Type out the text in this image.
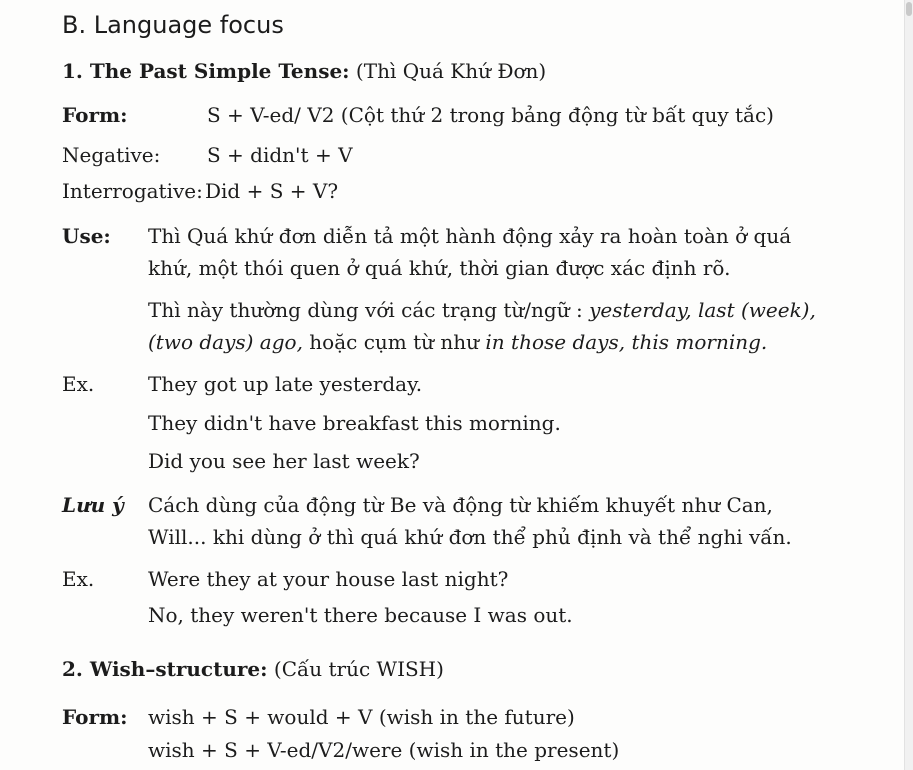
B. Language focus
1. The Past Simple Tense: (Thì Quá Khứ Đơn)
Form:	S + V-ed/ V2 (Cột thứ 2 trong bảng động từ bất quy tắc)
Negative: S + didn't + V
Interrogative: Did + S + V?
Use: Thì Quá khứ đơn diễn tả một hành động xảy ra hoàn toàn ở quá
khứ, một thói quen ở quá khứ, thời gian được xác định rõ.
Thì này thường dùng với các trạng từ/ngữ : yesterday, last (week),
(two days) ago, hoặc cụm từ như in those days, this morning.
Ex.	They got up late yesterday.
They didn't have breakfast this morning.
Did you see her last week?
Lưu ý Cách dùng của động từ Be và động từ khiếm khuyết như Can,
Will... khi dùng ở thì quá khứ đơn thể phủ định và thể nghi vấn.
Ex.	Were they at your house last night?
No, they weren't there because I was out.
2. Wish–structure: (Cấu trúc WISH)
Form: wish + S + would + V (wish in the future)
wish + S + V-ed/V2/were (wish in the present)
